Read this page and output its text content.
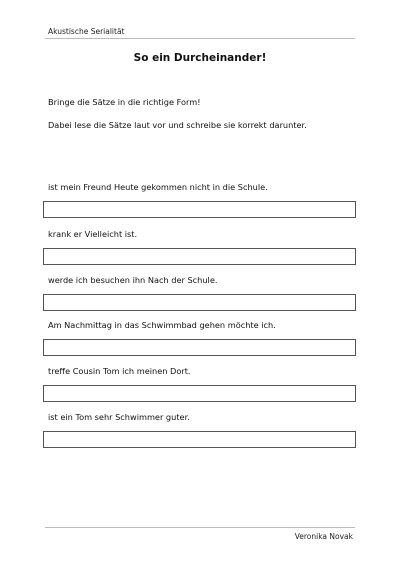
Akustische Serialität
So ein Durcheinander!
Bringe die Sätze in die richtige Form!
Dabei lese die Sätze laut vor und schreibe sie korrekt darunter.
ist mein Freund Heute gekommen nicht in die Schule.
krank er Vielleicht ist.
werde ich besuchen ihn Nach der Schule.
Am Nachmittag in das Schwimmbad gehen möchte ich.
treffe Cousin Tom ich meinen Dort.
ist ein Tom sehr Schwimmer guter.
Veronika Novak
